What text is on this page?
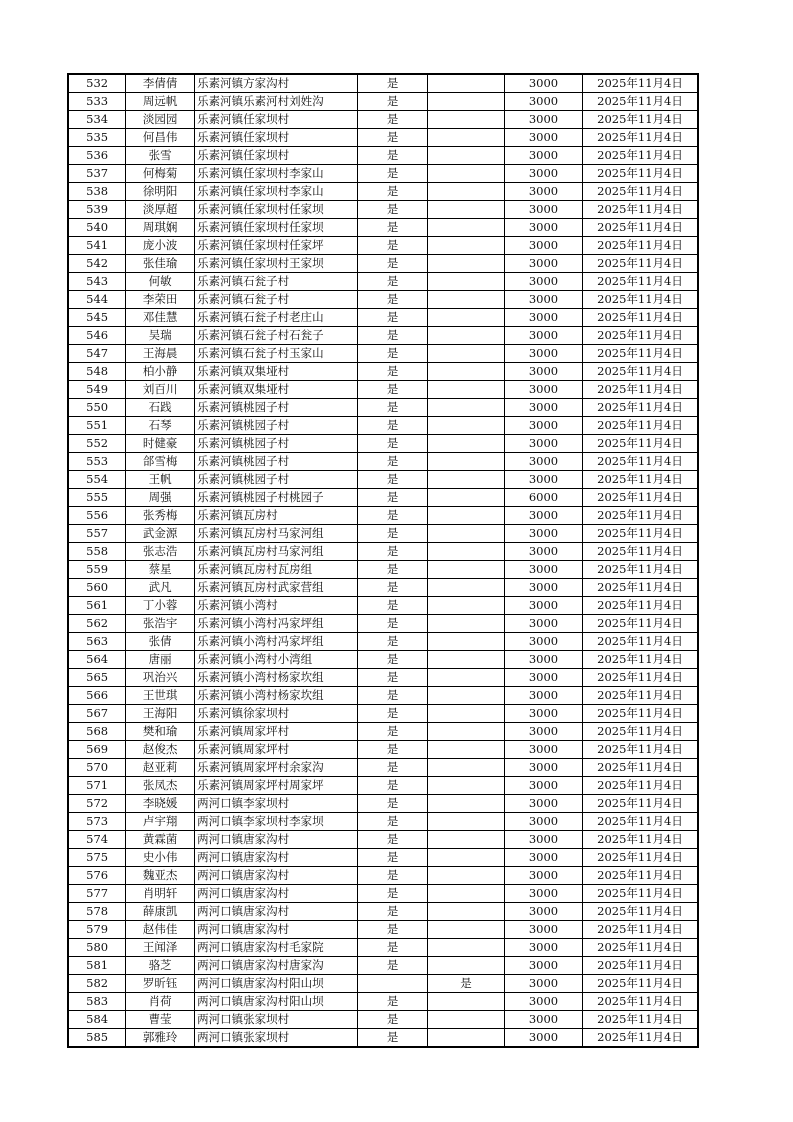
532	李倩倩	乐素河镇方家沟村	是		3000	2025年11月4日
533	周远帆	乐素河镇乐素河村刘姓沟	是		3000	2025年11月4日
534	淡园园	乐素河镇任家坝村	是		3000	2025年11月4日
535	何昌伟	乐素河镇任家坝村	是		3000	2025年11月4日
536	张雪	乐素河镇任家坝村	是		3000	2025年11月4日
537	何梅菊	乐素河镇任家坝村李家山	是		3000	2025年11月4日
538	徐明阳	乐素河镇任家坝村李家山	是		3000	2025年11月4日
539	淡厚超	乐素河镇任家坝村任家坝	是		3000	2025年11月4日
540	周琪娴	乐素河镇任家坝村任家坝	是		3000	2025年11月4日
541	庞小波	乐素河镇任家坝村任家坪	是		3000	2025年11月4日
542	张佳瑜	乐素河镇任家坝村王家坝	是		3000	2025年11月4日
543	何敏	乐素河镇石瓮子村	是		3000	2025年11月4日
544	李荣田	乐素河镇石瓮子村	是		3000	2025年11月4日
545	邓佳慧	乐素河镇石瓮子村老庄山	是		3000	2025年11月4日
546	吴瑞	乐素河镇石瓮子村石瓮子	是		3000	2025年11月4日
547	王海晨	乐素河镇石瓮子村玉家山	是		3000	2025年11月4日
548	柏小静	乐素河镇双集垭村	是		3000	2025年11月4日
549	刘百川	乐素河镇双集垭村	是		3000	2025年11月4日
550	石践	乐素河镇桃园子村	是		3000	2025年11月4日
551	石琴	乐素河镇桃园子村	是		3000	2025年11月4日
552	时健豪	乐素河镇桃园子村	是		3000	2025年11月4日
553	郃雪梅	乐素河镇桃园子村	是		3000	2025年11月4日
554	王帆	乐素河镇桃园子村	是		3000	2025年11月4日
555	周强	乐素河镇桃园子村桃园子	是		6000	2025年11月4日
556	张秀梅	乐素河镇瓦房村	是		3000	2025年11月4日
557	武金源	乐素河镇瓦房村马家河组	是		3000	2025年11月4日
558	张志浩	乐素河镇瓦房村马家河组	是		3000	2025年11月4日
559	蔡星	乐素河镇瓦房村瓦房组	是		3000	2025年11月4日
560	武凡	乐素河镇瓦房村武家营组	是		3000	2025年11月4日
561	丁小蓉	乐素河镇小湾村	是		3000	2025年11月4日
562	张浩宇	乐素河镇小湾村冯家坪组	是		3000	2025年11月4日
563	张倩	乐素河镇小湾村冯家坪组	是		3000	2025年11月4日
564	唐丽	乐素河镇小湾村小湾组	是		3000	2025年11月4日
565	巩治兴	乐素河镇小湾村杨家坎组	是		3000	2025年11月4日
566	王世琪	乐素河镇小湾村杨家坎组	是		3000	2025年11月4日
567	王海阳	乐素河镇徐家坝村	是		3000	2025年11月4日
568	樊和瑜	乐素河镇周家坪村	是		3000	2025年11月4日
569	赵俊杰	乐素河镇周家坪村	是		3000	2025年11月4日
570	赵亚莉	乐素河镇周家坪村余家沟	是		3000	2025年11月4日
571	张凤杰	乐素河镇周家坪村周家坪	是		3000	2025年11月4日
572	李晓媛	两河口镇李家坝村	是		3000	2025年11月4日
573	卢宇翔	两河口镇李家坝村李家坝	是		3000	2025年11月4日
574	黄霖菌	两河口镇唐家沟村	是		3000	2025年11月4日
575	史小伟	两河口镇唐家沟村	是		3000	2025年11月4日
576	魏亚杰	两河口镇唐家沟村	是		3000	2025年11月4日
577	肖明轩	两河口镇唐家沟村	是		3000	2025年11月4日
578	薛康凯	两河口镇唐家沟村	是		3000	2025年11月4日
579	赵伟佳	两河口镇唐家沟村	是		3000	2025年11月4日
580	王闻泽	两河口镇唐家沟村毛家院	是		3000	2025年11月4日
581	骆芝	两河口镇唐家沟村唐家沟	是		3000	2025年11月4日
582	罗昕钰	两河口镇唐家沟村阳山坝		是	3000	2025年11月4日
583	肖荷	两河口镇唐家沟村阳山坝	是		3000	2025年11月4日
584	曹莹	两河口镇张家坝村	是		3000	2025年11月4日
585	郭雅玲	两河口镇张家坝村	是		3000	2025年11月4日
